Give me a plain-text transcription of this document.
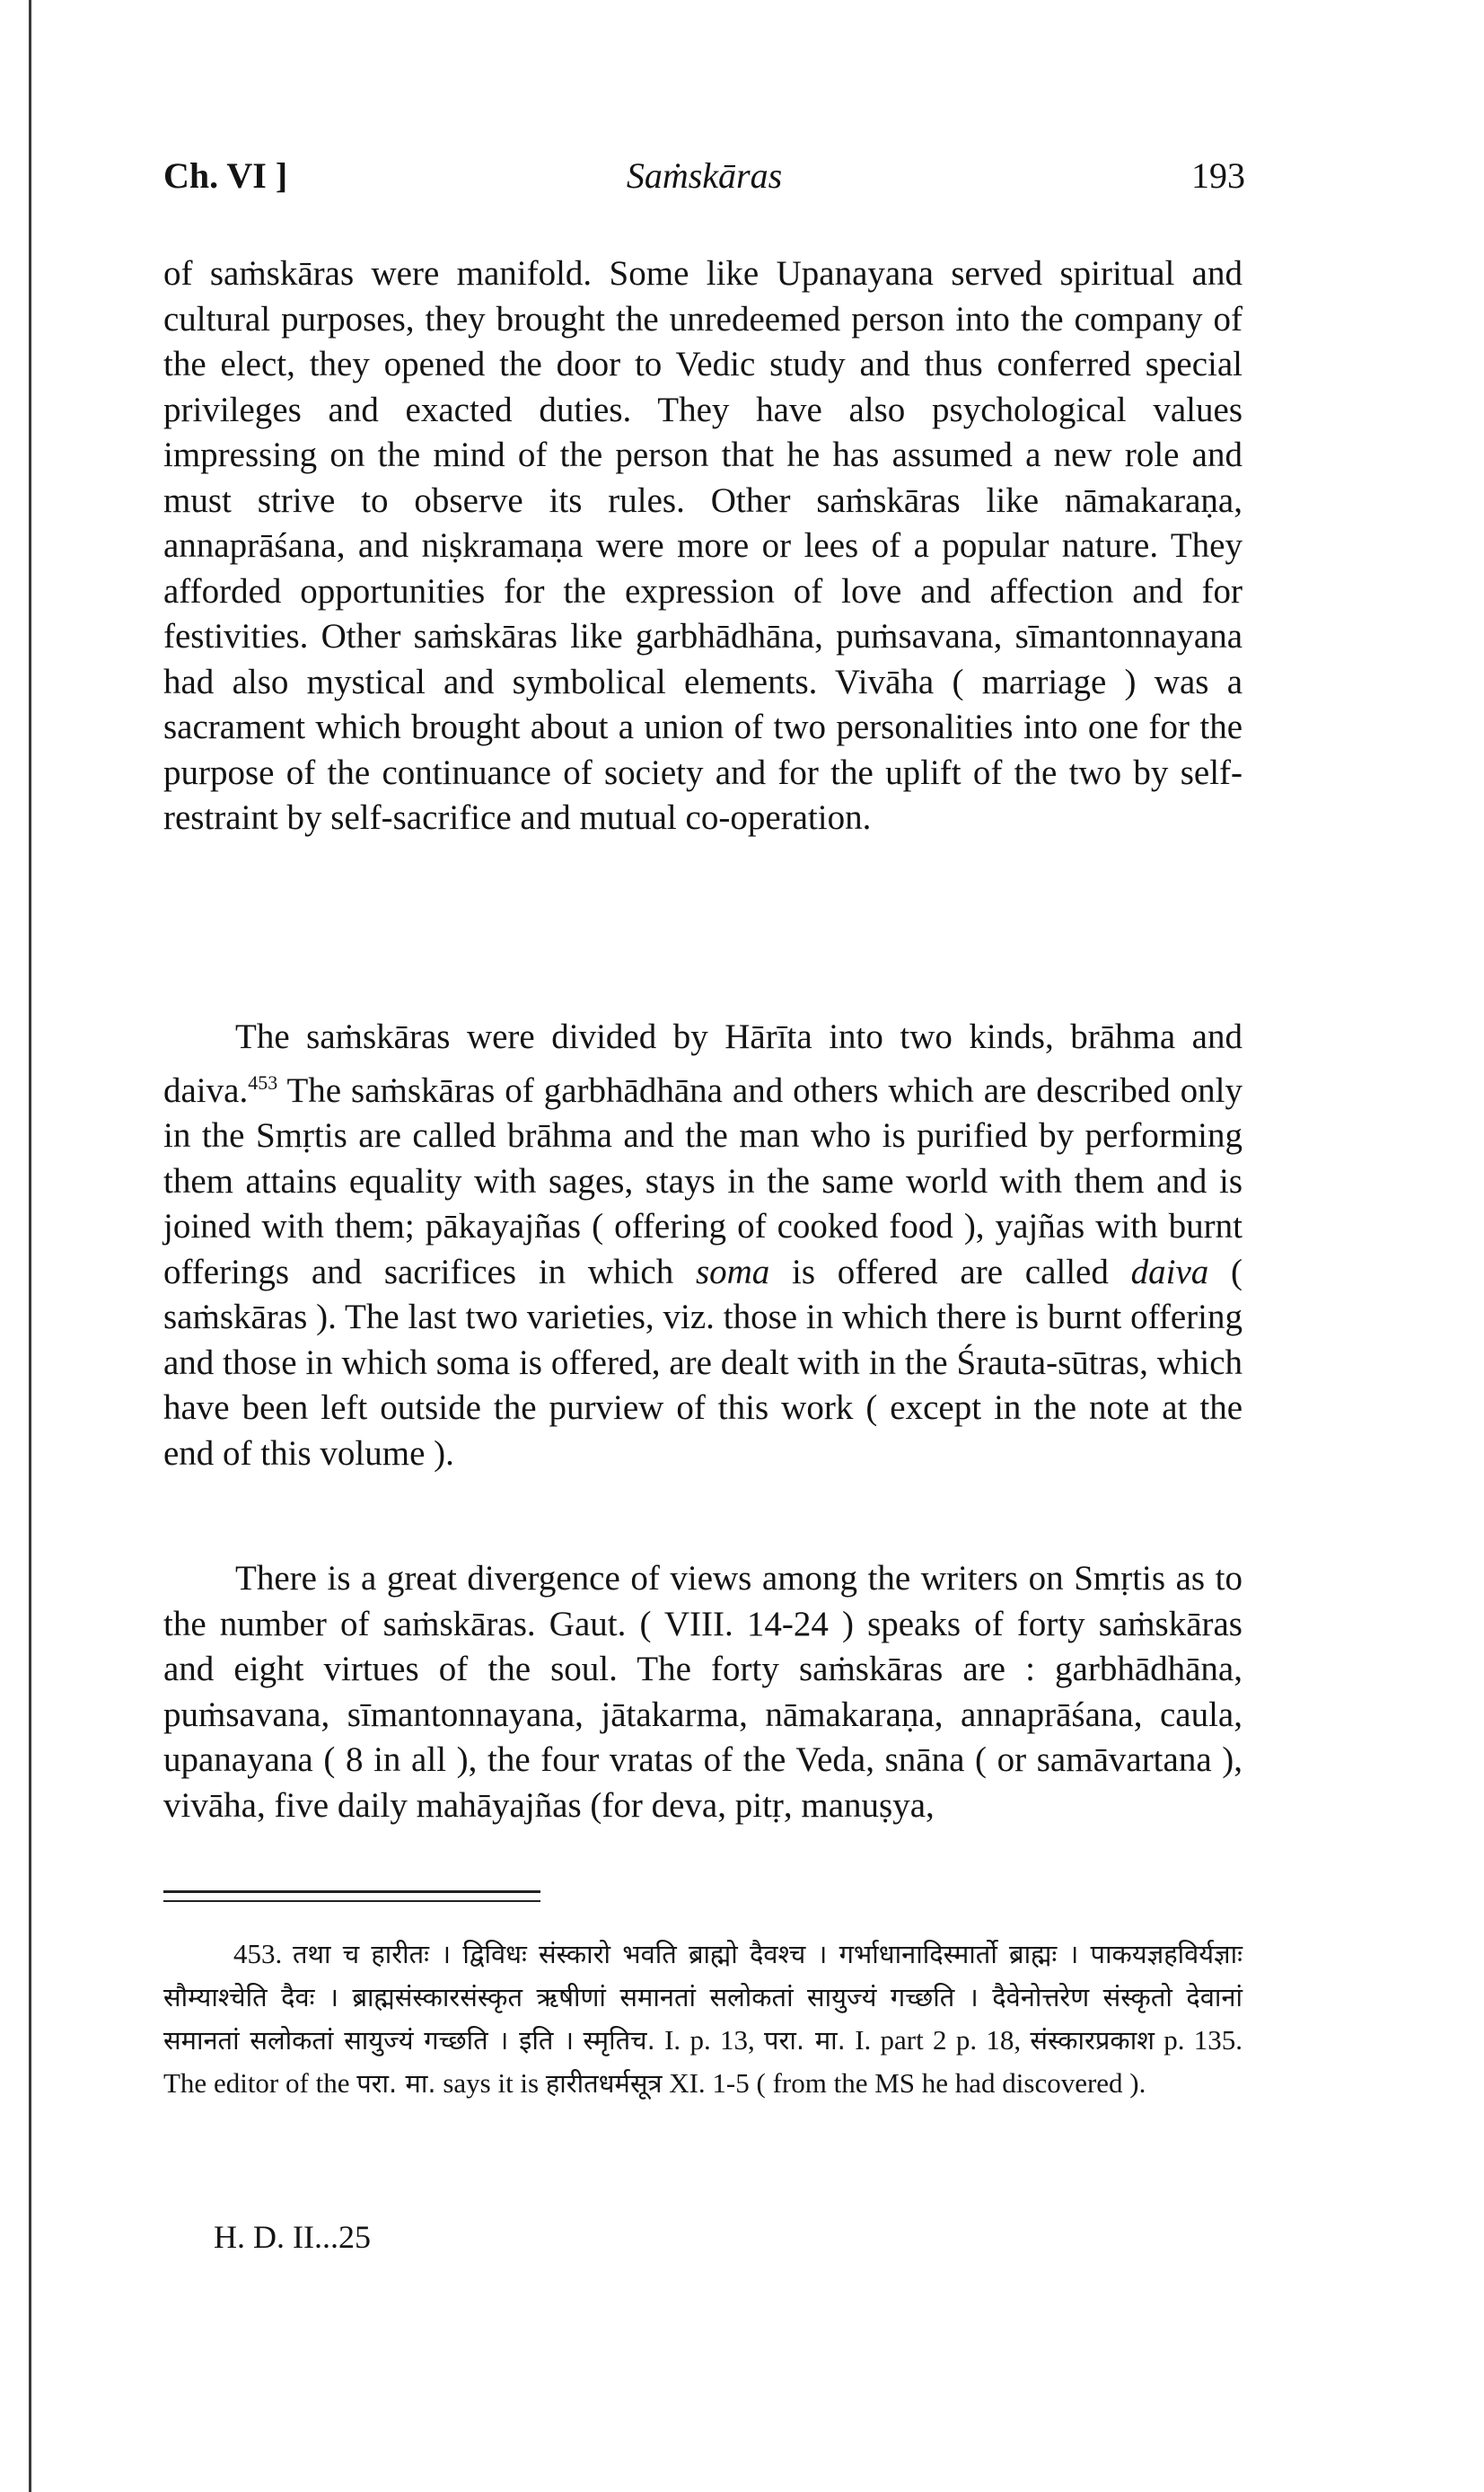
Ch. VI ]	Saṁskāras	193
of saṁskāras were manifold. Some like Upanayana served spiritual and cultural purposes, they brought the unredeemed person into the company of the elect, they opened the door to Vedic study and thus conferred special privileges and exacted duties. They have also psychological values impressing on the mind of the person that he has assumed a new role and must strive to observe its rules. Other saṁskāras like nāmakaraṇa, annaprāśana, and niṣkramaṇa were more or lees of a popular nature. They afforded opportunities for the expression of love and affection and for festivities. Other saṁskāras like garbhādhāna, puṁsavana, sīmantonnayana had also mystical and symbolical elements. Vivāha ( marriage ) was a sacrament which brought about a union of two personalities into one for the purpose of the continuance of society and for the uplift of the two by self-restraint by self-sacrifice and mutual co-operation.
The saṁskāras were divided by Hārīta into two kinds, brāhma and daiva.$^{453}$ The saṁskāras of garbhādhāna and others which are described only in the Smṛtis are called brāhma and the man who is purified by performing them attains equality with sages, stays in the same world with them and is joined with them; pākayajñas ( offering of cooked food ), yajñas with burnt offerings and sacrifices in which soma is offered are called daiva ( saṁskāras ). The last two varieties, viz. those in which there is burnt offering and those in which soma is offered, are dealt with in the Śrauta-sūtras, which have been left outside the purview of this work ( except in the note at the end of this volume ).
There is a great divergence of views among the writers on Smṛtis as to the number of saṁskāras. Gaut. ( VIII. 14-24 ) speaks of forty saṁskāras and eight virtues of the soul. The forty saṁskāras are : garbhādhāna, puṁsavana, sīmantonnayana, jātakarma, nāmakaraṇa, annaprāśana, caula, upanayana ( 8 in all ), the four vratas of the Veda, snāna ( or samāvartana ), vivāha, five daily mahāyajñas (for deva, pitṛ, manuṣya,
453. तथा च हारीतः । द्विविधः संस्कारो भवति ब्राह्मो दैवश्च । गर्भाधानादिस्मार्तो ब्राह्मः । पाकयज्ञहविर्यज्ञाः सौम्याश्चेति दैवः । ब्राह्मसंस्कारसंस्कृत ऋषीणां समानतां सलोकतां सायुज्यं गच्छति । दैवेनोत्तरेण संस्कृतो देवानां समानतां सलोकतां सायुज्यं गच्छति । इति । स्मृतिच. I. p. 13, परा. मा. I. part 2 p. 18, संस्कारप्रकाश p. 135. The editor of the परा. मा. says it is हारीतधर्मसूत्र XI. 1-5 ( from the MS he had discovered ).
H. D. II...25
